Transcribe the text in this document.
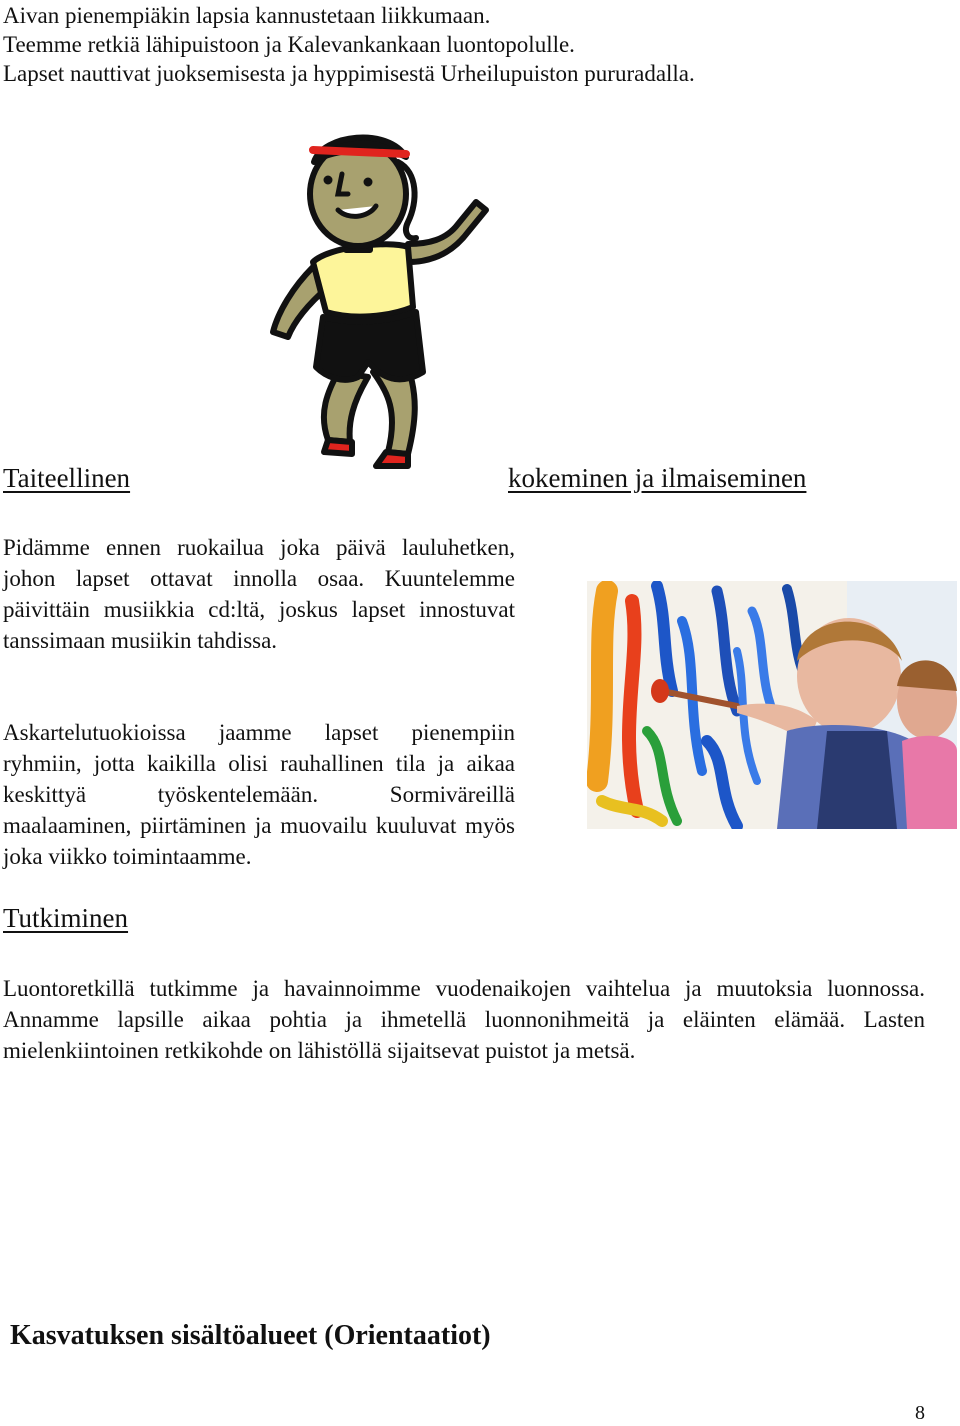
Aivan pienempiäkin lapsia kannustetaan liikkumaan.
Teemme retkiä lähipuistoon ja Kalevankankaan luontopolulle.
Lapset nauttivat juoksemisesta ja hyppimisestä Urheilupuiston pururadalla.
Taiteellinen	kokeminen ja ilmaiseminen
Pidämme ennen ruokailua joka päivä lauluhetken, johon lapset ottavat innolla osaa. Kuuntelemme päivittäin musiikkia cd:ltä, joskus lapset innostuvat tanssimaan musiikin tahdissa.
Askartelutuokioissa jaamme lapset pienempiin ryhmiin, jotta kaikilla olisi rauhallinen tila ja aikaa keskittyä työskentelemään. Sormiväreillä maalaaminen, piirtäminen ja muovailu kuuluvat myös joka viikko toimintaamme.
Tutkiminen
Luontoretkillä tutkimme ja havainnoimme vuodenaikojen vaihtelua ja muutoksia luonnossa. Annamme lapsille aikaa pohtia ja ihmetellä luonnonihmeitä ja eläinten elämää. Lasten mielenkiintoinen retkikohde on lähistöllä sijaitsevat puistot ja metsä.
Kasvatuksen sisältöalueet (Orientaatiot)
8
